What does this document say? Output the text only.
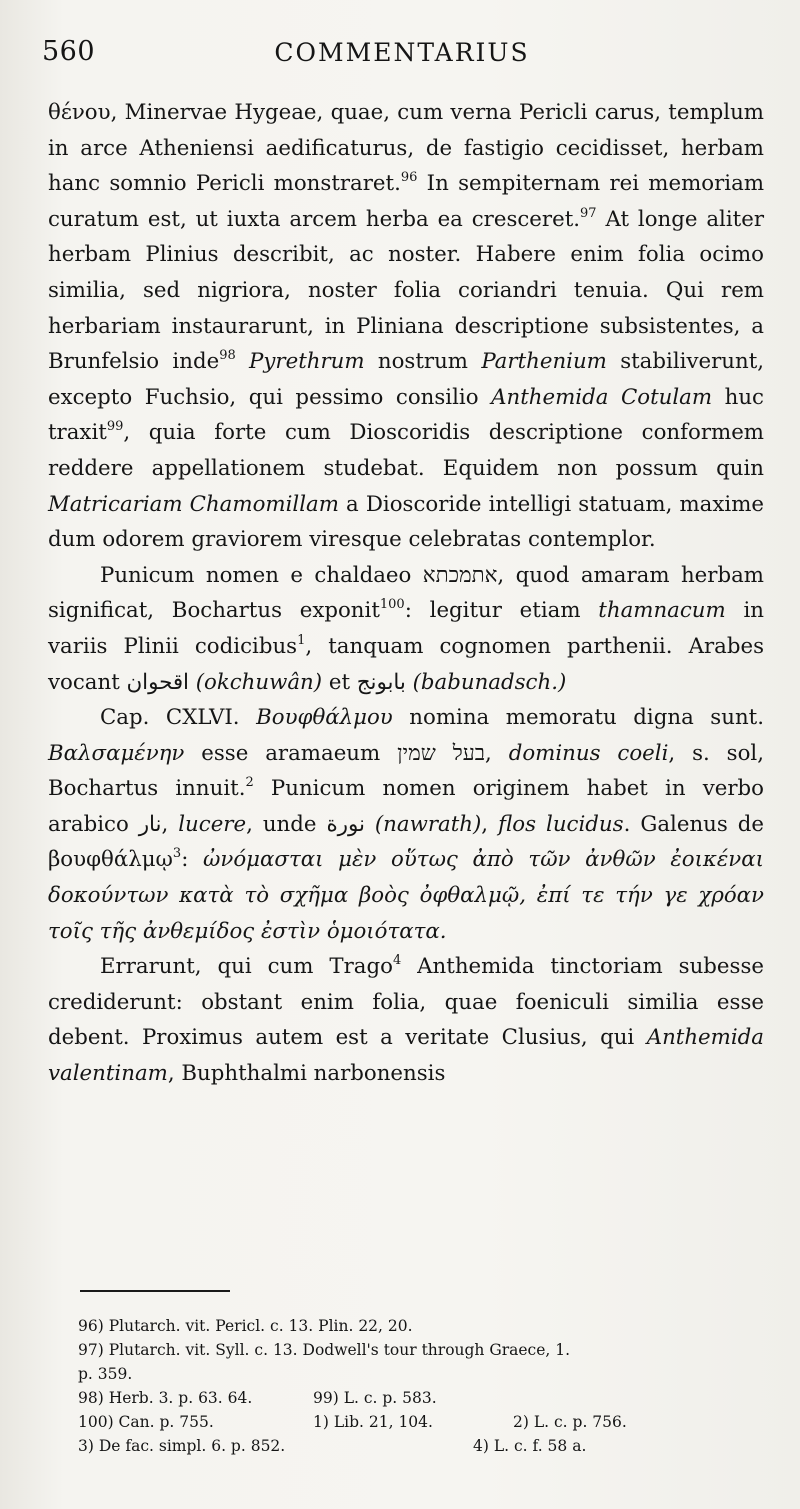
560	COMMENTARIUS

θένου, Minervae Hygeae, quae, cum verna Pericli carus, templum in arce Atheniensi aedificaturus, de fastigio cecidisset, herbam hanc somnio Pericli monstraret.$^{96}$ In sempiternam rei memoriam curatum est, ut iuxta arcem herba ea cresceret.$^{97}$ At longe aliter herbam Plinius describit, ac noster. Habere enim folia ocimo similia, sed nigriora, noster folia coriandri tenuia. Qui rem herbariam instaurarunt, in Pliniana descriptione subsistentes, a Brunfelsio inde$^{98}$ Pyrethrum nostrum Parthenium stabiliverunt, excepto Fuchsio, qui pessimo consilio Anthemida Cotulam huc traxit$^{99}$, quia forte cum Dioscoridis descriptione conformem reddere appellationem studebat. Equidem non possum quin Matricariam Chamomillam a Dioscoride intelligi statuam, maxime dum odorem graviorem viresque celebratas contemplor.

Punicum nomen e chaldaeo אתמכתא, quod amaram herbam significat, Bochartus exponit$^{100}$: legitur etiam thamnacum in variis Plinii codicibus$^1$, tanquam cognomen parthenii. Arabes vocant اقحوان (okchuwân) et بابونج (babunadsch.)

Cap. CXLVI. Βουφθάλμου nomina memoratu digna sunt. Βαλσαμένην esse aramaeum בעל שמין, dominus coeli, s. sol, Bochartus innuit.$^2$ Punicum nomen originem habet in verbo arabico نار, lucere, unde نورة (nawrath), flos lucidus. Galenus de βουφθάλμῳ$^3$: ὠνόμασται μὲν οὕτως ἀπὸ τῶν ἀνθῶν ἐοικέναι δοκούντων κατὰ τὸ σχῆμα βοὸς ὀφθαλμῷ, ἐπί τε τήν γε χρόαν τοῖς τῆς ἀνθεμίδος ἐστὶν ὁμοιότατα.

Errarunt, qui cum Trago$^4$ Anthemida tinctoriam subesse crediderunt: obstant enim folia, quae foeniculi similia esse debent. Proximus autem est a veritate Clusius, qui Anthemida valentinam, Buphthalmi narbonensis

96) Plutarch. vit. Pericl. c. 13. Plin. 22, 20.
97) Plutarch. vit. Syll. c. 13. Dodwell's tour through Graece, 1.
p. 359.
98) Herb. 3. p. 63. 64.	99) L. c. p. 583.
100) Can. p. 755.	1) Lib. 21, 104.	2) L. c. p. 756.
3) De fac. simpl. 6. p. 852.	4) L. c. f. 58 a.
